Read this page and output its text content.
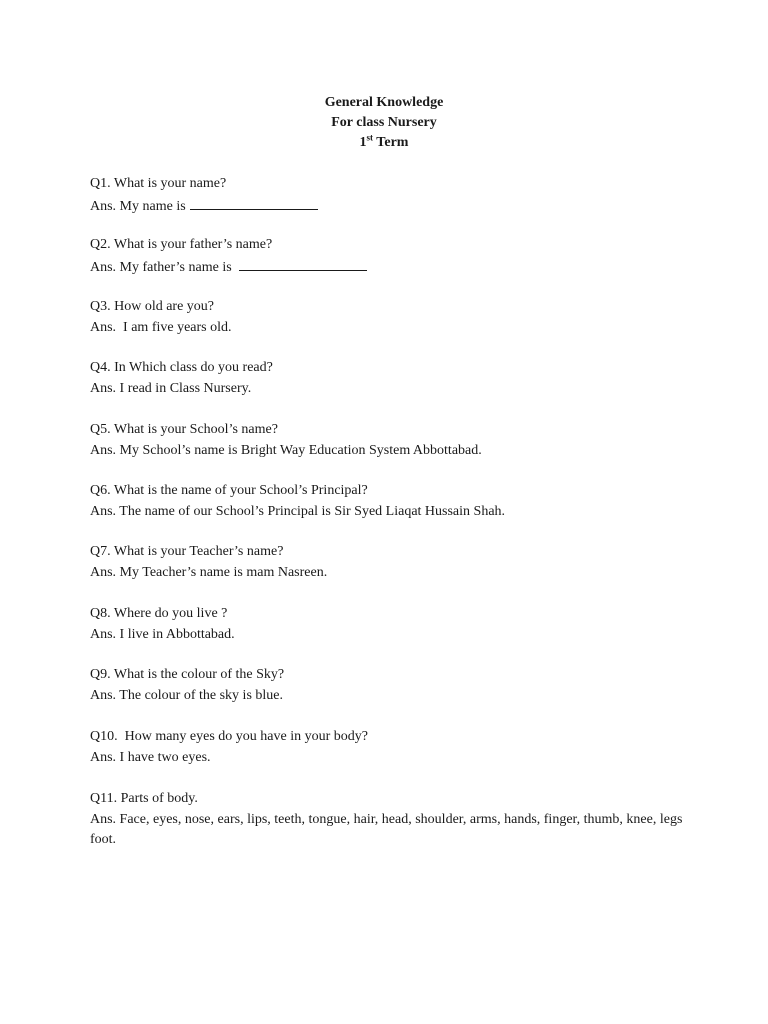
General Knowledge
For class Nursery
1st Term
Q1. What is your name?
Ans. My name is
Q2. What is your father’s name?
Ans. My father’s name is
Q3. How old are you?
Ans.  I am five years old.
Q4. In Which class do you read?
Ans. I read in Class Nursery.
Q5. What is your School’s name?
Ans. My School’s name is Bright Way Education System Abbottabad.
Q6. What is the name of your School’s Principal?
Ans. The name of our School’s Principal is Sir Syed Liaqat Hussain Shah.
Q7. What is your Teacher’s name?
Ans. My Teacher’s name is mam Nasreen.
Q8. Where do you live ?
Ans. I live in Abbottabad.
Q9. What is the colour of the Sky?
Ans. The colour of the sky is blue.
Q10.  How many eyes do you have in your body?
Ans. I have two eyes.
Q11. Parts of body.
Ans. Face, eyes, nose, ears, lips, teeth, tongue, hair, head, shoulder, arms, hands, finger, thumb, knee, legs foot.
